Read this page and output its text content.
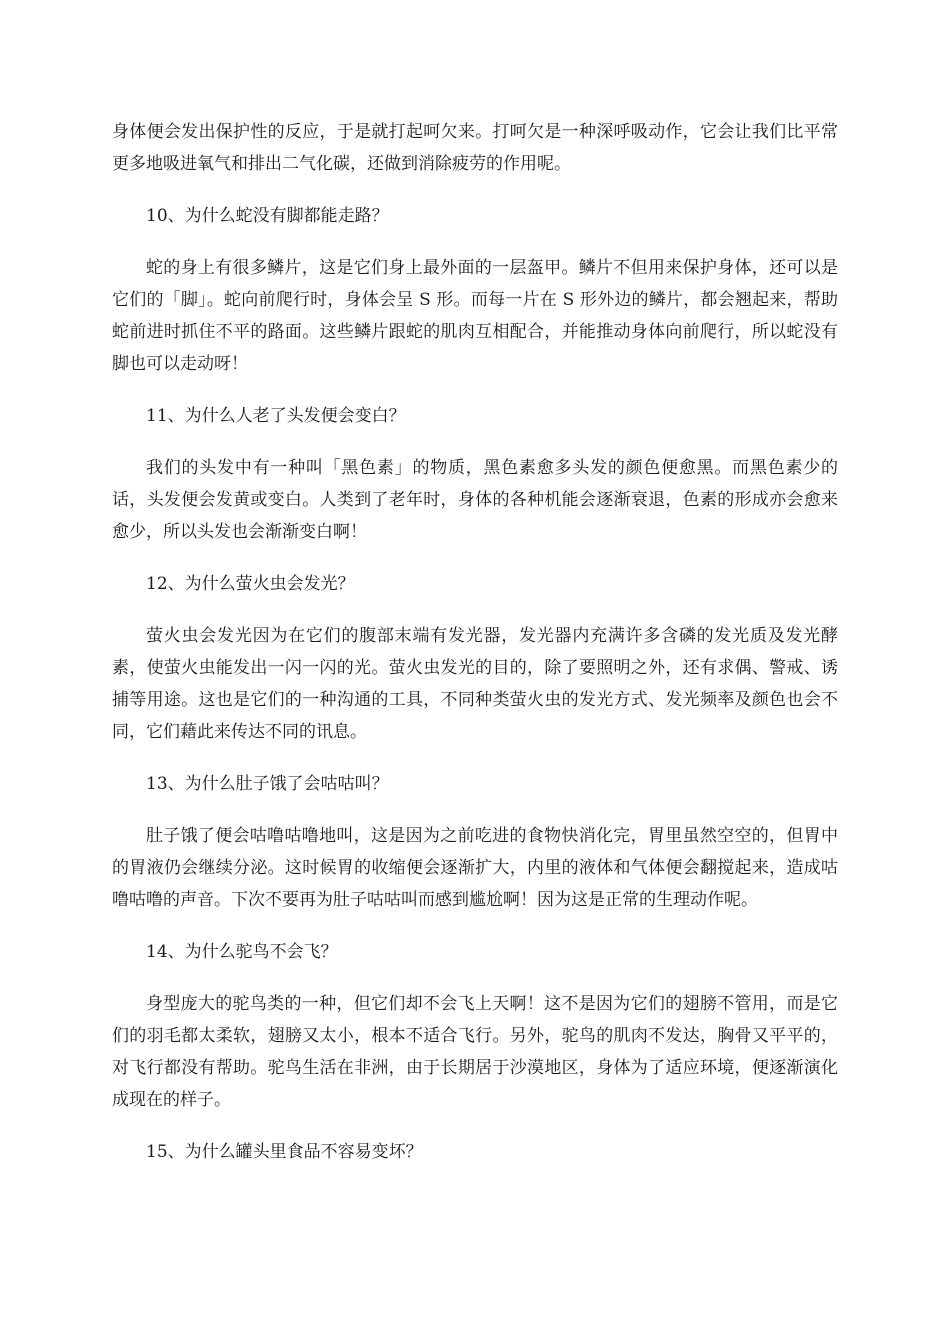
身体便会发出保护性的反应，于是就打起呵欠来。打呵欠是一种深呼吸动作，它会让我们比平常更多地吸进氧气和排出二气化碳，还做到消除疲劳的作用呢。

10、为什么蛇没有脚都能走路？

蛇的身上有很多鳞片，这是它们身上最外面的一层盔甲。鳞片不但用来保护身体，还可以是它们的「脚」。蛇向前爬行时，身体会呈 S 形。而每一片在 S 形外边的鳞片，都会翘起来，帮助蛇前进时抓住不平的路面。这些鳞片跟蛇的肌肉互相配合，并能推动身体向前爬行，所以蛇没有脚也可以走动呀！

11、为什么人老了头发便会变白？

我们的头发中有一种叫「黑色素」的物质，黑色素愈多头发的颜色便愈黑。而黑色素少的话，头发便会发黄或变白。人类到了老年时，身体的各种机能会逐渐衰退，色素的形成亦会愈来愈少，所以头发也会渐渐变白啊！

12、为什么萤火虫会发光？

萤火虫会发光因为在它们的腹部末端有发光器，发光器内充满许多含磷的发光质及发光酵素，使萤火虫能发出一闪一闪的光。萤火虫发光的目的，除了要照明之外，还有求偶、警戒、诱捕等用途。这也是它们的一种沟通的工具，不同种类萤火虫的发光方式、发光频率及颜色也会不同，它们藉此来传达不同的讯息。

13、为什么肚子饿了会咕咕叫？

肚子饿了便会咕噜咕噜地叫，这是因为之前吃进的食物快消化完，胃里虽然空空的，但胃中的胃液仍会继续分泌。这时候胃的收缩便会逐渐扩大，内里的液体和气体便会翻搅起来，造成咕噜咕噜的声音。下次不要再为肚子咕咕叫而感到尴尬啊！因为这是正常的生理动作呢。

14、为什么驼鸟不会飞？

身型庞大的驼鸟类的一种，但它们却不会飞上天啊！这不是因为它们的翅膀不管用，而是它们的羽毛都太柔软，翅膀又太小，根本不适合飞行。另外，驼鸟的肌肉不发达，胸骨又平平的，对飞行都没有帮助。驼鸟生活在非洲，由于长期居于沙漠地区，身体为了适应环境，便逐渐演化成现在的样子。

15、为什么罐头里食品不容易变坏？
